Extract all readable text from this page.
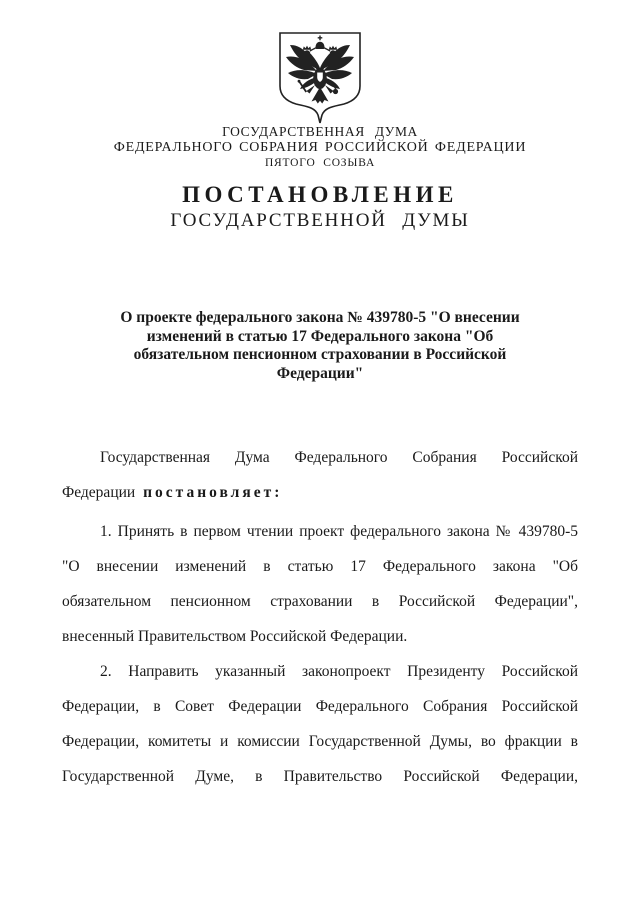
ГОСУДАРСТВЕННАЯ ДУМА
ФЕДЕРАЛЬНОГО СОБРАНИЯ РОССИЙСКОЙ ФЕДЕРАЦИИ
ПЯТОГО СОЗЫВА
ПОСТАНОВЛЕНИЕ
ГОСУДАРСТВЕННОЙ ДУМЫ
О проекте федерального закона № 439780-5 "О внесении
изменений в статью 17 Федерального закона "Об
обязательном пенсионном страховании в Российской
Федерации"
Государственная Дума Федерального Собрания Российской
Федерации постановляет:
1. Принять в первом чтении проект федерального закона № 439780-5
"О внесении изменений в статью 17 Федерального закона "Об
обязательном пенсионном страховании в Российской Федерации",
внесенный Правительством Российской Федерации.
2. Направить указанный законопроект Президенту Российской
Федерации, в Совет Федерации Федерального Собрания Российской
Федерации, комитеты и комиссии Государственной Думы, во фракции в
Государственной Думе, в Правительство Российской Федерации,
